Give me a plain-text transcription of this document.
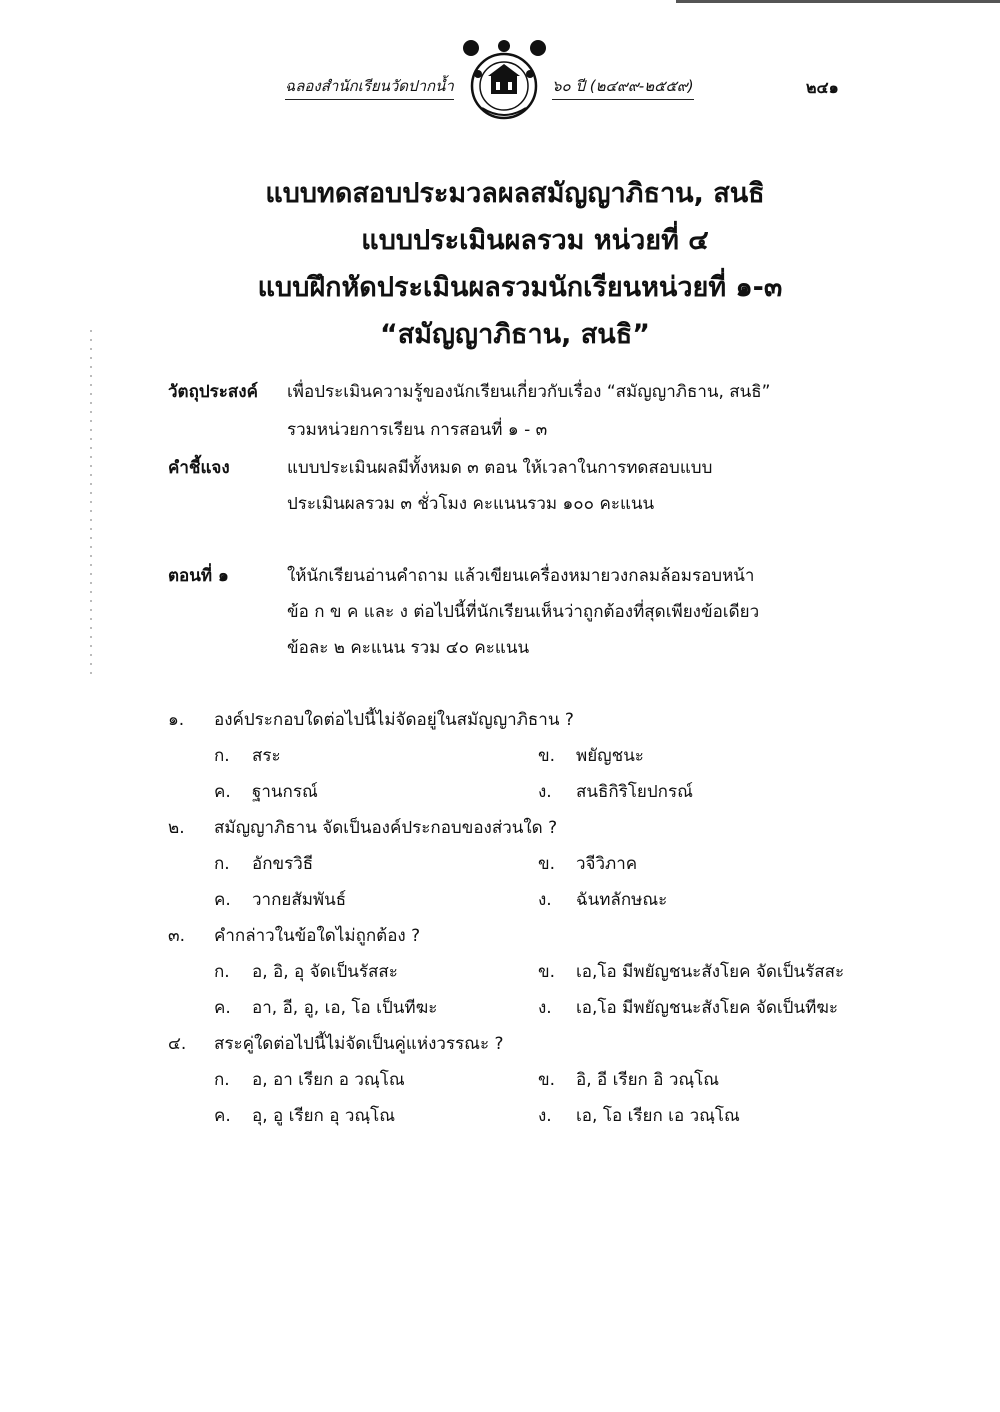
ฉลองสำนักเรียนวัดปากน้ำ	๖๐ ปี (๒๔๙๙-๒๕๕๙)	๒๔๑
แบบทดสอบประมวลผลสมัญญาภิธาน, สนธิ
แบบประเมินผลรวม หน่วยที่ ๔
แบบฝึกหัดประเมินผลรวมนักเรียนหน่วยที่ ๑-๓
“สมัญญาภิธาน, สนธิ”
วัตถุประสงค์ เพื่อประเมินความรู้ของนักเรียนเกี่ยวกับเรื่อง “สมัญญาภิธาน, สนธิ”
รวมหน่วยการเรียน การสอนที่ ๑ - ๓
คำชี้แจง	แบบประเมินผลมีทั้งหมด ๓ ตอน ให้เวลาในการทดสอบแบบ
ประเมินผลรวม ๓ ชั่วโมง คะแนนรวม ๑๐๐ คะแนน
ตอนที่ ๑	ให้นักเรียนอ่านคำถาม แล้วเขียนเครื่องหมายวงกลมล้อมรอบหน้า
ข้อ ก ข ค และ ง ต่อไปนี้ที่นักเรียนเห็นว่าถูกต้องที่สุดเพียงข้อเดียว
ข้อละ ๒ คะแนน รวม ๔๐ คะแนน
๑. องค์ประกอบใดต่อไปนี้ไม่จัดอยู่ในสมัญญาภิธาน ?
ก. สระ	ข. พยัญชนะ
ค. ฐานกรณ์	ง. สนธิกิริโยปกรณ์
๒. สมัญญาภิธาน จัดเป็นองค์ประกอบของส่วนใด ?
ก. อักขรวิธี	ข. วจีวิภาค
ค. วากยสัมพันธ์	ง. ฉันทลักษณะ
๓. คำกล่าวในข้อใดไม่ถูกต้อง ?
ก. อ, อิ, อุ จัดเป็นรัสสะ	ข. เอ,โอ มีพยัญชนะสังโยค จัดเป็นรัสสะ
ค. อา, อี, อู, เอ, โอ เป็นทีฆะ	ง. เอ,โอ มีพยัญชนะสังโยค จัดเป็นทีฆะ
๔. สระคู่ใดต่อไปนี้ไม่จัดเป็นคู่แห่งวรรณะ ?
ก. อ, อา เรียก อ วณฺโณ	ข. อิ, อี เรียก อิ วณฺโณ
ค. อุ, อู เรียก อุ วณฺโณ	ง. เอ, โอ เรียก เอ วณฺโณ
